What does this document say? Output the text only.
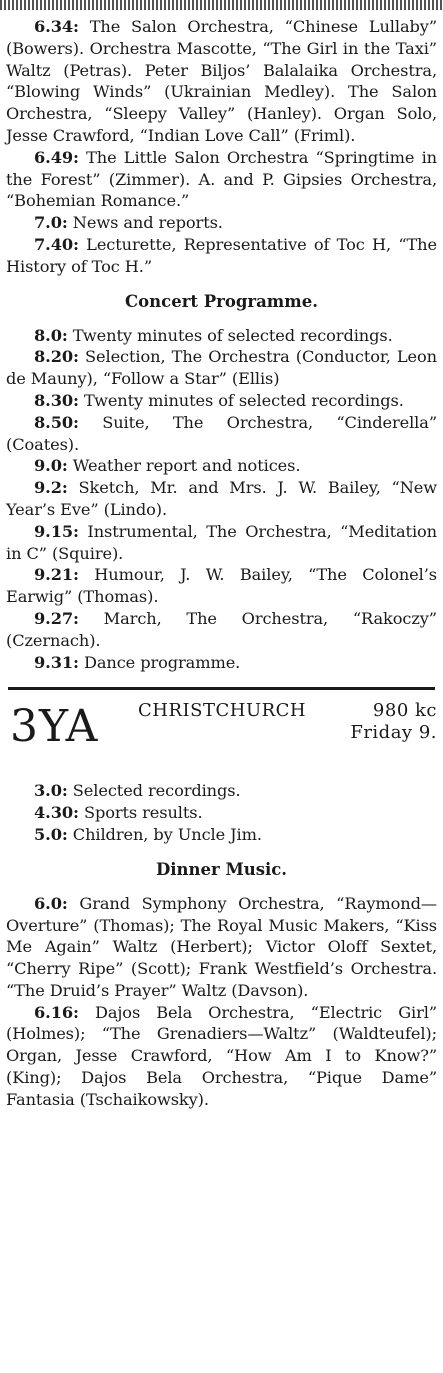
6.34: The Salon Orchestra, “Chinese Lullaby” (Bowers). Orchestra Mascotte, “The Girl in the Taxi” Waltz (Petras). Peter Biljos’ Balalaika Orchestra, “Blowing Winds” (Ukrainian Medley). The Salon Orchestra, “Sleepy Valley” (Hanley). Organ Solo, Jesse Crawford, “Indian Love Call” (Friml).

6.49: The Little Salon Orchestra “Springtime in the Forest” (Zimmer). A. and P. Gipsies Orchestra, “Bohemian Romance.”

7.0: News and reports.

7.40: Lecturette, Representative of Toc H, “The History of Toc H.”

Concert Programme.

8.0: Twenty minutes of selected recordings.

8.20: Selection, The Orchestra (Conductor, Leon de Mauny), “Follow a Star” (Ellis)

8.30: Twenty minutes of selected recordings.

8.50: Suite, The Orchestra, “Cinderella” (Coates).

9.0: Weather report and notices.

9.2: Sketch, Mr. and Mrs. J. W. Bailey, “New Year’s Eve” (Lindo).

9.15: Instrumental, The Orchestra, “Meditation in C” (Squire).

9.21: Humour, J. W. Bailey, “The Colonel’s Earwig” (Thomas).

9.27: March, The Orchestra, “Rakoczy” (Czernach).

9.31: Dance programme.

3YA	CHRISTCHURCH	980 kc
Friday 9.

3.0: Selected recordings.

4.30: Sports results.

5.0: Children, by Uncle Jim.

Dinner Music.

6.0: Grand Symphony Orchestra, “Raymond—Overture” (Thomas); The Royal Music Makers, “Kiss Me Again” Waltz (Herbert); Victor Oloff Sextet, “Cherry Ripe” (Scott); Frank Westfield’s Orchestra. “The Druid’s Prayer” Waltz (Davson).

6.16: Dajos Bela Orchestra, “Electric Girl” (Holmes); “The Grenadiers—Waltz” (Waldteufel); Organ, Jesse Crawford, “How Am I to Know?” (King); Dajos Bela Orchestra, “Pique Dame” Fantasia (Tschaikowsky).
